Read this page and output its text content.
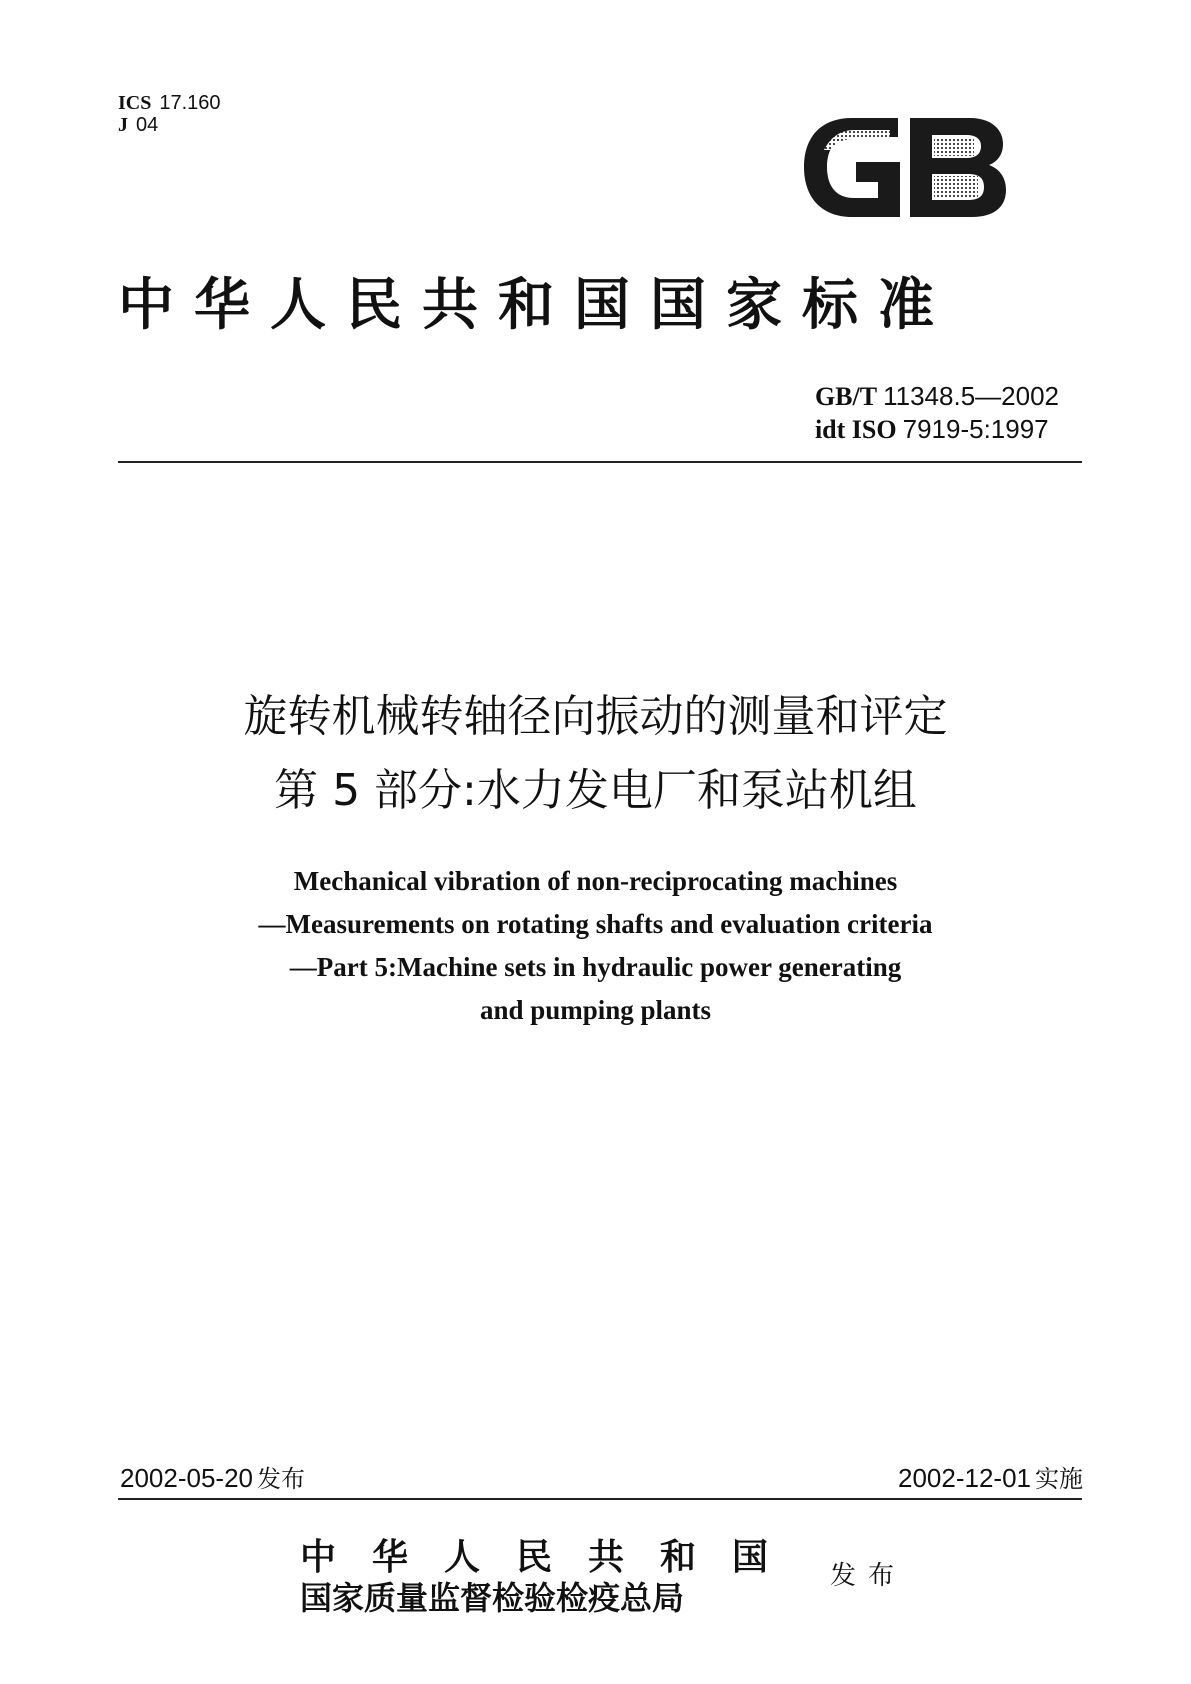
ICS 17.160
J 04
中华人民共和国国家标准
GB/T 11348.5—2002
idt ISO 7919-5:1997
旋转机械转轴径向振动的测量和评定
第 5 部分:水力发电厂和泵站机组
Mechanical vibration of non-reciprocating machines
—Measurements on rotating shafts and evaluation criteria
—Part 5:Machine sets in hydraulic power generating
and pumping plants
2002-05-20 发布	2002-12-01 实施
中华人民共和国
国家质量监督检验检疫总局
发布
